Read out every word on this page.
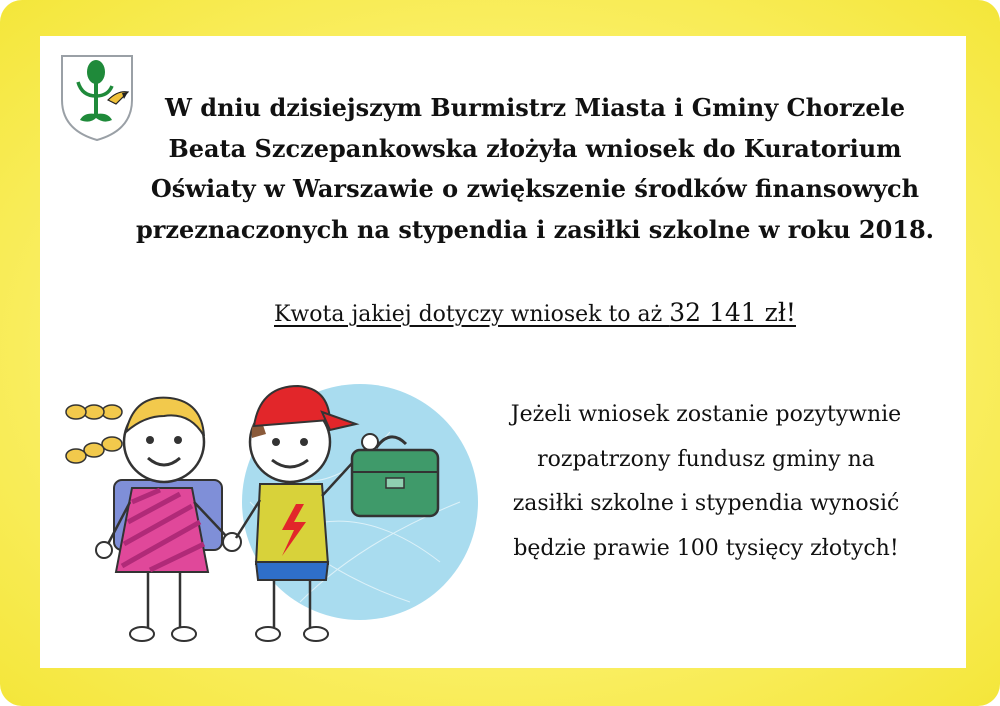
W dniu dzisiejszym Burmistrz Miasta i Gminy Chorzele
Beata Szczepankowska złożyła wniosek do Kuratorium
Oświaty w Warszawie o zwiększenie środków finansowych
przeznaczonych na stypendia i zasiłki szkolne w roku 2018.
Kwota jakiej dotyczy wniosek to aż 32 141 zł!
Jeżeli wniosek zostanie pozytywnie
rozpatrzony fundusz gminy na
zasiłki szkolne i stypendia wynosić
będzie prawie 100 tysięcy złotych!
